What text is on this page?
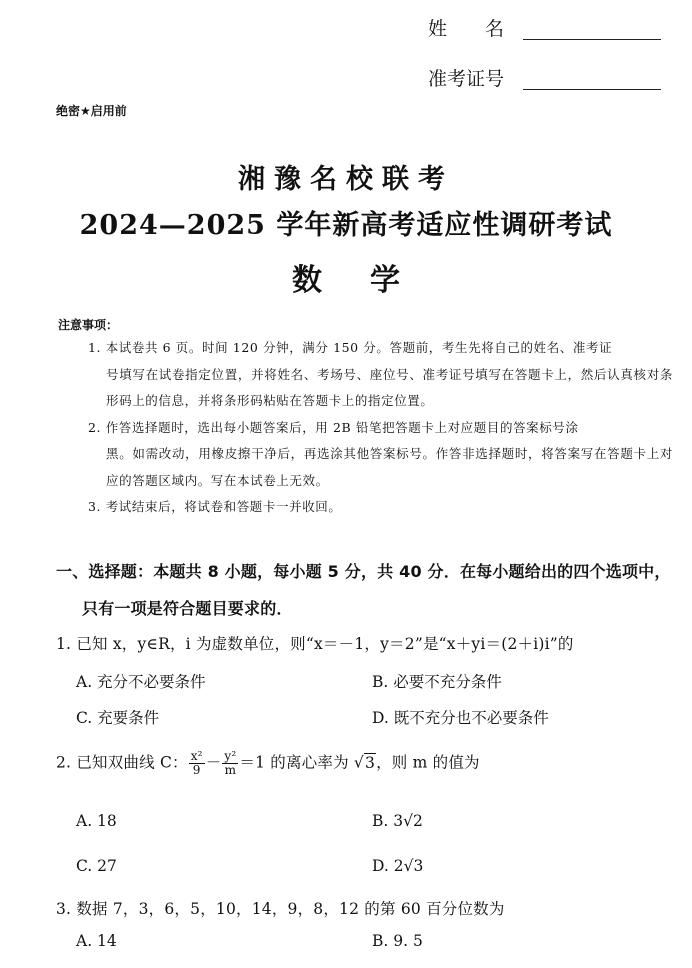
姓　　名
准考证号
绝密★启用前
湘豫名校联考
2024—2025 学年新高考适应性调研考试
数学
注意事项：
1. 本试卷共 6 页。时间 120 分钟，满分 150 分。答题前，考生先将自己的姓名、准考证
号填写在试卷指定位置，并将姓名、考场号、座位号、准考证号填写在答题卡上，然后认真核对条形码上的信息，并将条形码粘贴在答题卡上的指定位置。
2. 作答选择题时，选出每小题答案后，用 2B 铅笔把答题卡上对应题目的答案标号涂
黑。如需改动，用橡皮擦干净后，再选涂其他答案标号。作答非选择题时，将答案写在答题卡上对应的答题区域内。写在本试卷上无效。
3. 考试结束后，将试卷和答题卡一并收回。
一、选择题：本题共 8 小题，每小题 5 分，共 40 分．在每小题给出的四个选项中，
只有一项是符合题目要求的．
1. 已知 x，y∈R，i 为虚数单位，则“x＝－1，y＝2”是“x＋yi＝(2＋i)i”的
A. 充分不必要条件	B. 必要不充分条件
C. 充要条件	D. 既不充分也不必要条件
2. 已知双曲线 C： $\frac{\text{x²}}{9} - \frac{\text{y²}}{m} =1$ 的离心率为 √3，则 m 的值为
A. 18	B. 3√2
C. 27	D. 2√3
3. 数据 7，3，6，5，10，14，9，8，12 的第 60 百分位数为
A. 14	B. 9. 5
